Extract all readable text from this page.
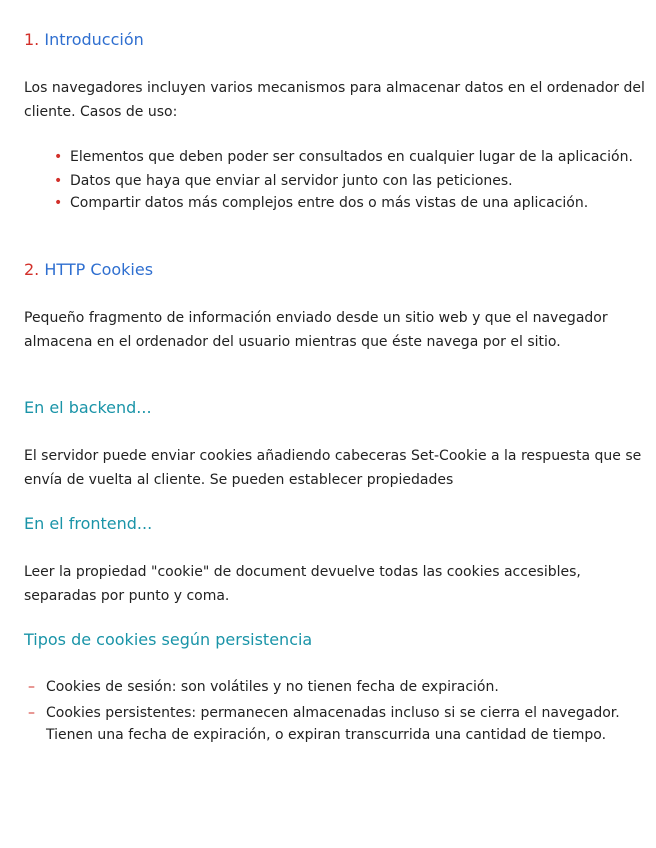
1. Introducción
Los navegadores incluyen varios mecanismos para almacenar datos en el ordenador del cliente. Casos de uso:
• Elementos que deben poder ser consultados en cualquier lugar de la aplicación.
• Datos que haya que enviar al servidor junto con las peticiones.
• Compartir datos más complejos entre dos o más vistas de una aplicación.
2. HTTP Cookies
Pequeño fragmento de información enviado desde un sitio web y que el navegador almacena en el ordenador del usuario mientras que éste navega por el sitio.
En el backend...
El servidor puede enviar cookies añadiendo cabeceras Set-Cookie a la respuesta que se envía de vuelta al cliente. Se pueden establecer propiedades
En el frontend...
Leer la propiedad "cookie" de document devuelve todas las cookies accesibles, separadas por punto y coma.
Tipos de cookies según persistencia
– Cookies de sesión: son volátiles y no tienen fecha de expiración.
– Cookies persistentes: permanecen almacenadas incluso si se cierra el navegador. Tienen una fecha de expiración, o expiran transcurrida una cantidad de tiempo.
